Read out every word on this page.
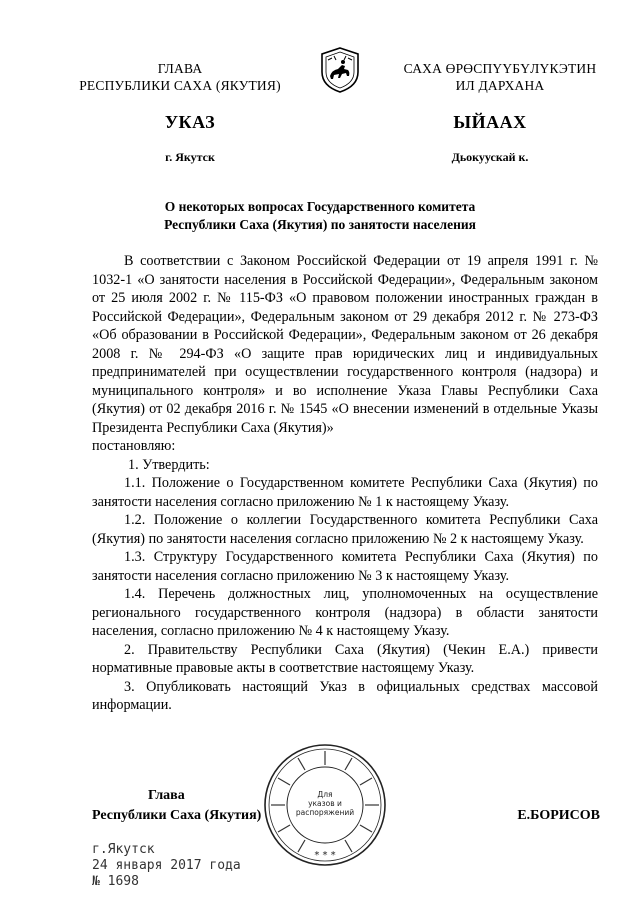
ГЛАВА
РЕСПУБЛИКИ САХА (ЯКУТИЯ)
САХА ӨРӨСПҮҮБҮЛҮКЭТИН
ИЛ ДАРХАНА
УКАЗ	ЫЙААХ
г. Якутск	Дьокуускай к.
О некоторых вопросах Государственного комитета
Республики Саха (Якутия) по занятости населения

В соответствии с Законом Российской Федерации от 19 апреля 1991 г. № 1032-1 «О занятости населения в Российской Федерации», Федеральным законом от 25 июля 2002 г. № 115-ФЗ «О правовом положении иностранных граждан в Российской Федерации», Федеральным законом от 29 декабря 2012 г. № 273-ФЗ «Об образовании в Российской Федерации», Федеральным законом от 26 декабря 2008 г. № 294-ФЗ «О защите прав юридических лиц и индивидуальных предпринимателей при осуществлении государственного контроля (надзора) и муниципального контроля» и во исполнение Указа Главы Республики Саха (Якутия) от 02 декабря 2016 г. № 1545 «О внесении изменений в отдельные Указы Президента Республики Саха (Якутия)»

постановляю:

1. Утвердить:

1.1. Положение о Государственном комитете Республики Саха (Якутия) по занятости населения согласно приложению № 1 к настоящему Указу.

1.2. Положение о коллегии Государственного комитета Республики Саха (Якутия) по занятости населения согласно приложению № 2 к настоящему Указу.

1.3. Структуру Государственного комитета Республики Саха (Якутия) по занятости населения согласно приложению № 3 к настоящему Указу.

1.4. Перечень должностных лиц, уполномоченных на осуществление регионального государственного контроля (надзора) в области занятости населения, согласно приложению № 4 к настоящему Указу.

2. Правительству Республики Саха (Якутия) (Чекин Е.А.) привести нормативные правовые акты в соответствие настоящему Указу.

3. Опубликовать настоящий Указ в официальных средствах массовой информации.

Глава
Республики Саха (Якутия)
* * *
Для
указов и
распоряжений	Е.БОРИСОВ
г.Якутск
24 января 2017 года
№ 1698
